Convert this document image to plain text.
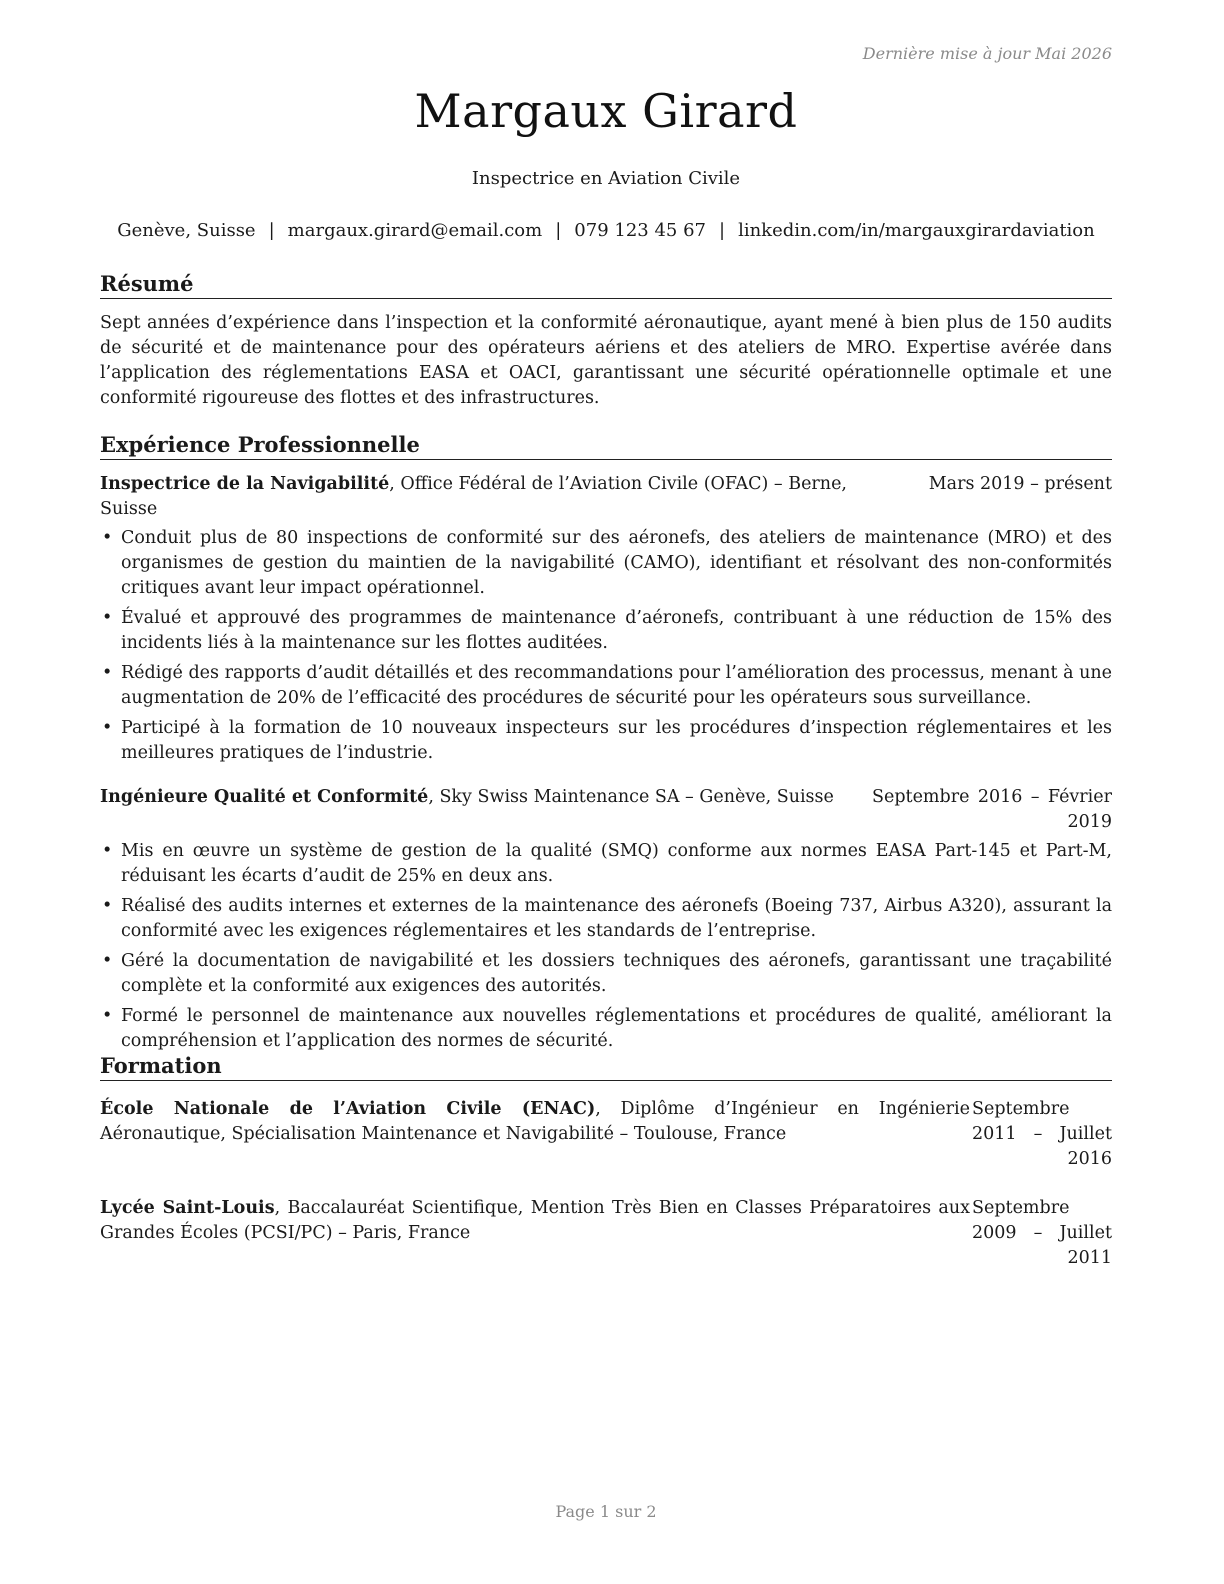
Dernière mise à jour Mai 2026
Margaux Girard
Inspectrice en Aviation Civile
Genève, Suisse | margaux.girard@email.com | 079 123 45 67 | linkedin.com/in/margauxgirardaviation
Résumé

Sept années d’expérience dans l’inspection et la conformité aéronautique, ayant mené à bien plus de 150 audits de sécurité et de maintenance pour des opérateurs aériens et des ateliers de MRO. Expertise avérée dans l’application des réglementations EASA et OACI, garantissant une sécurité opérationnelle optimale et une conformité rigoureuse des flottes et des infrastructures.

Expérience Professionnelle
Inspectrice de la Navigabilité, Office Fédéral de l’Aviation Civile (OFAC) – Berne, Suisse
Mars 2019 – présent
• Conduit plus de 80 inspections de conformité sur des aéronefs, des ateliers de maintenance (MRO) et des organismes de gestion du maintien de la navigabilité (CAMO), identifiant et résolvant des non-conformités critiques avant leur impact opérationnel.
• Évalué et approuvé des programmes de maintenance d’aéronefs, contribuant à une réduction de 15% des incidents liés à la maintenance sur les flottes auditées.
• Rédigé des rapports d’audit détaillés et des recommandations pour l’amélioration des processus, menant à une augmentation de 20% de l’efficacité des procédures de sécurité pour les opérateurs sous surveillance.
• Participé à la formation de 10 nouveaux inspecteurs sur les procédures d’inspection réglementaires et les meilleures pratiques de l’industrie.
Ingénieure Qualité et Conformité, Sky Swiss Maintenance SA – Genève, Suisse Septembre 2016 – Février 2019
• Mis en œuvre un système de gestion de la qualité (SMQ) conforme aux normes EASA Part-145 et Part-M, réduisant les écarts d’audit de 25% en deux ans.
• Réalisé des audits internes et externes de la maintenance des aéronefs (Boeing 737, Airbus A320), assurant la conformité avec les exigences réglementaires et les standards de l’entreprise.
• Géré la documentation de navigabilité et les dossiers techniques des aéronefs, garantissant une traçabilité complète et la conformité aux exigences des autorités.
• Formé le personnel de maintenance aux nouvelles réglementations et procédures de qualité, améliorant la compréhension et l’application des normes de sécurité.
Formation
École Nationale de l’Aviation Civile (ENAC), Diplôme d’Ingénieur en Ingénierie Aéronautique, Spécialisation Maintenance et Navigabilité – Toulouse, France
Septembre 2011 – Juillet 2016
Lycée Saint-Louis, Baccalauréat Scientifique, Mention Très Bien en Classes Préparatoires aux Grandes Écoles (PCSI/PC) – Paris, France
Septembre 2009 – Juillet 2011
Page 1 sur 2
